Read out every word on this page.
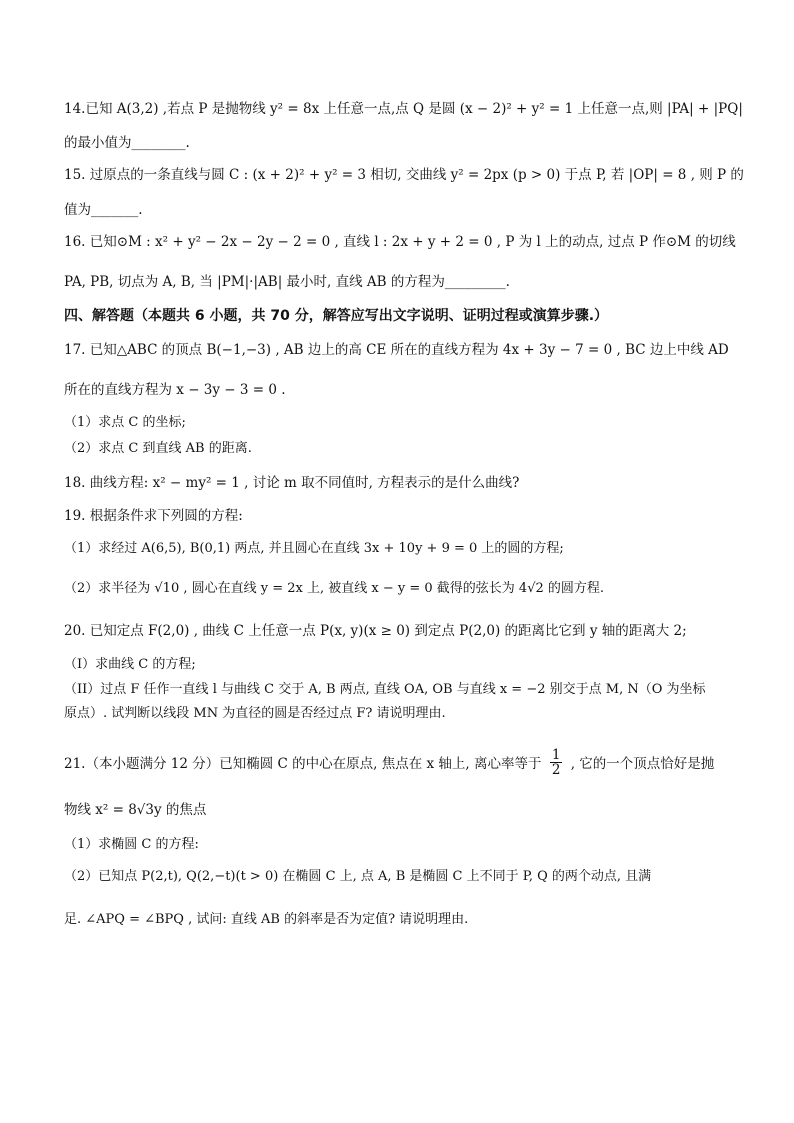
14.已知 A(3,2) ,若点 P 是抛物线 y² = 8x 上任意一点,点 Q 是圆 (x − 2)² + y² = 1 上任意一点,则 |PA| + |PQ|
的最小值为________.
15. 过原点的一条直线与圆 C : (x + 2)² + y² = 3 相切, 交曲线 y² = 2px (p > 0) 于点 P, 若 |OP| = 8 , 则 P 的
值为_______.
16. 已知⊙M : x² + y² − 2x − 2y − 2 = 0 , 直线 l : 2x + y + 2 = 0 , P 为 l 上的动点, 过点 P 作⊙M 的切线
PA, PB, 切点为 A, B, 当 |PM|·|AB| 最小时, 直线 AB 的方程为_________.
四、解答题（本题共 6 小题，共 70 分，解答应写出文字说明、证明过程或演算步骤.）
17. 已知△ABC 的顶点 B(−1,−3) , AB 边上的高 CE 所在的直线方程为 4x + 3y − 7 = 0 , BC 边上中线 AD
所在的直线方程为 x − 3y − 3 = 0 .
（1）求点 C 的坐标;
（2）求点 C 到直线 AB 的距离.
18. 曲线方程: x² − my² = 1 , 讨论 m 取不同值时, 方程表示的是什么曲线?
19. 根据条件求下列圆的方程:
（1）求经过 A(6,5), B(0,1) 两点, 并且圆心在直线 3x + 10y + 9 = 0 上的圆的方程;
（2）求半径为 √10 , 圆心在直线 y = 2x 上, 被直线 x − y = 0 截得的弦长为 4√2 的圆方程.
20. 已知定点 F(2,0) , 曲线 C 上任意一点 P(x, y)(x ≥ 0) 到定点 P(2,0) 的距离比它到 y 轴的距离大 2;
（I）求曲线 C 的方程;
（II）过点 F 任作一直线 l 与曲线 C 交于 A, B 两点, 直线 OA, OB 与直线 x = −2 别交于点 M, N（O 为坐标
原点）. 试判断以线段 MN 为直径的圆是否经过点 F? 请说明理由.
21.（本小题满分 12 分）已知椭圆 C 的中心在原点, 焦点在 x 轴上, 离心率等于 $\frac{1}{2}$ , 它的一个顶点恰好是抛
物线 x² = 8√3y 的焦点
（1）求椭圆 C 的方程:
（2）已知点 P(2,t), Q(2,−t)(t > 0) 在椭圆 C 上, 点 A, B 是椭圆 C 上不同于 P, Q 的两个动点, 且满
足. ∠APQ = ∠BPQ , 试问: 直线 AB 的斜率是否为定值? 请说明理由.
